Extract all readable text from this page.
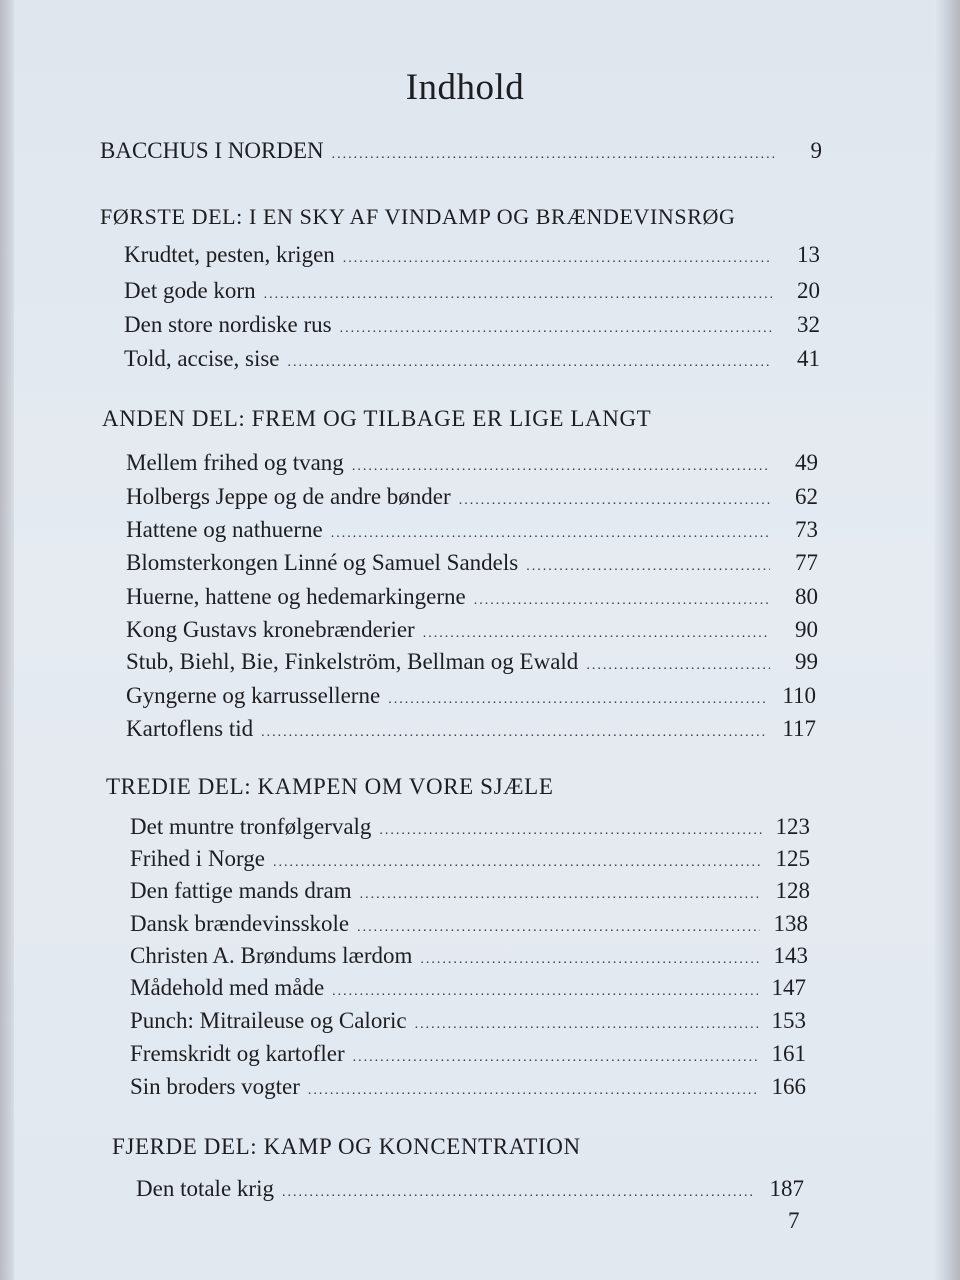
Indhold
BACCHUS I NORDEN .....	9
FØRSTE DEL: I EN SKY AF VINDAMP OG BRÆNDEVINSRØG
Krudtet, pesten, krigen .....	13
Det gode korn .....	20
Den store nordiske rus .....	32
Told, accise, sise .....	41
ANDEN DEL: FREM OG TILBAGE ER LIGE LANGT
Mellem frihed og tvang .....	49
Holbergs Jeppe og de andre bønder .....	62
Hattene og nathuerne .....	73
Blomsterkongen Linné og Samuel Sandels .....	77
Huerne, hattene og hedemarkingerne .....	80
Kong Gustavs kronebrænderier .....	90
Stub, Biehl, Bie, Finkelström, Bellman og Ewald .....	99
Gyngerne og karrussellerne .....	110
Kartoflens tid .....	117
TREDIE DEL: KAMPEN OM VORE SJÆLE
Det muntre tronfølgervalg .....	123
Frihed i Norge .....	125
Den fattige mands dram .....	128
Dansk brændevinsskole .....	138
Christen A. Brøndums lærdom .....	143
Mådehold med måde .....	147
Punch: Mitraileuse og Caloric .....	153
Fremskridt og kartofler .....	161
Sin broders vogter .....	166
FJERDE DEL: KAMP OG KONCENTRATION
Den totale krig .....	187
7
